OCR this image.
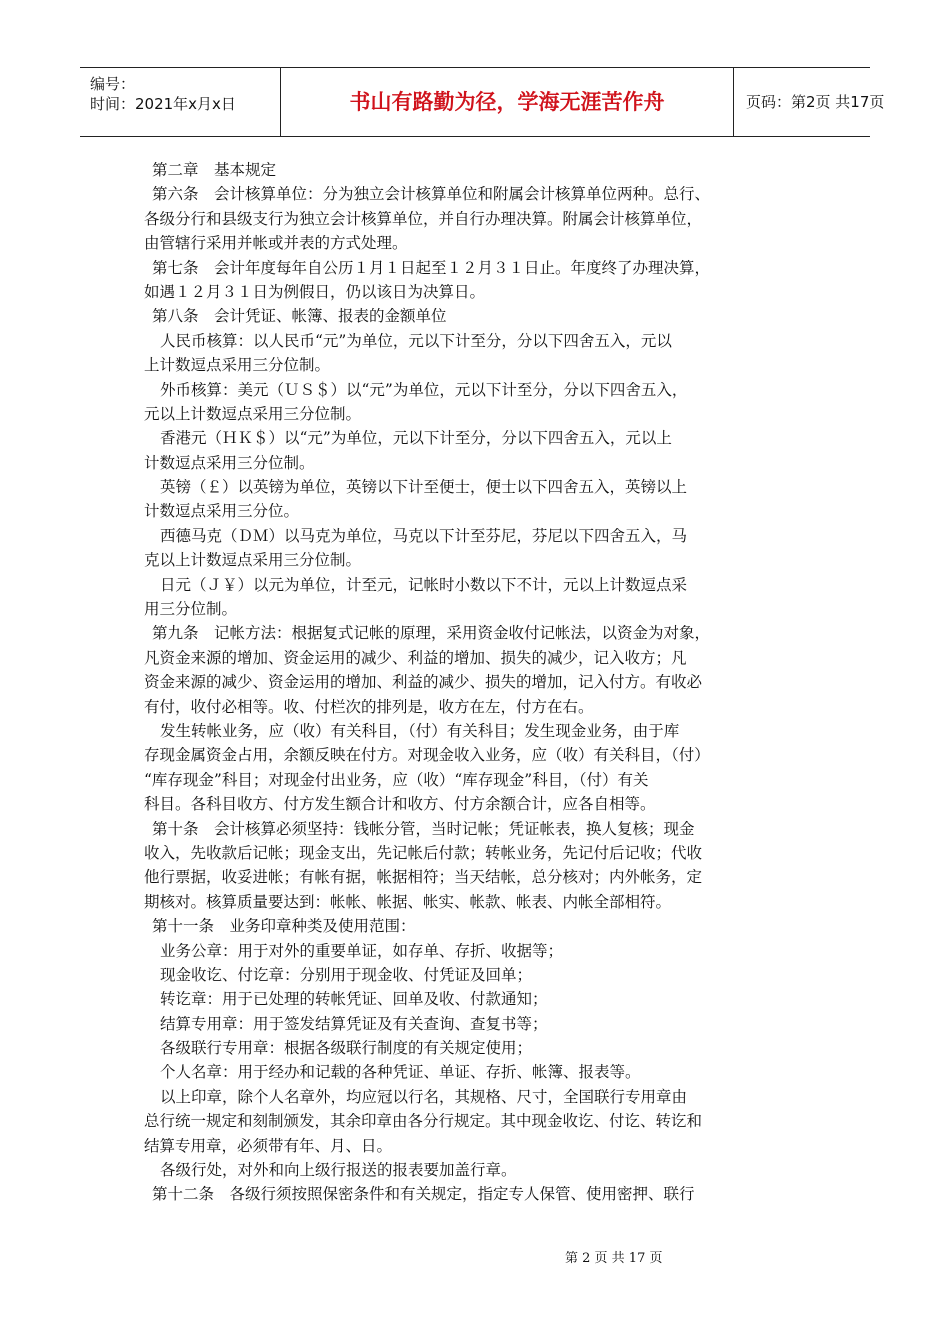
编号：
时间：2021年x月x日	书山有路勤为径，学海无涯苦作舟	页码：第2页 共17页
第二章　基本规定
第六条　会计核算单位：分为独立会计核算单位和附属会计核算单位两种。总行、
各级分行和县级支行为独立会计核算单位，并自行办理决算。附属会计核算单位，
由管辖行采用并帐或并表的方式处理。
第七条　会计年度每年自公历１月１日起至１２月３１日止。年度终了办理决算，
如遇１２月３１日为例假日，仍以该日为决算日。
第八条　会计凭证、帐簿、报表的金额单位
人民币核算：以人民币“元”为单位，元以下计至分，分以下四舍五入，元以
上计数逗点采用三分位制。
外币核算：美元（ＵＳ＄）以“元”为单位，元以下计至分，分以下四舍五入，
元以上计数逗点采用三分位制。
香港元（ＨＫ＄）以“元”为单位，元以下计至分，分以下四舍五入，元以上
计数逗点采用三分位制。
英镑（￡）以英镑为单位，英镑以下计至便士，便士以下四舍五入，英镑以上
计数逗点采用三分位。
西德马克（ＤＭ）以马克为单位，马克以下计至芬尼，芬尼以下四舍五入，马
克以上计数逗点采用三分位制。
日元（Ｊ￥）以元为单位，计至元，记帐时小数以下不计，元以上计数逗点采
用三分位制。
第九条　记帐方法：根据复式记帐的原理，采用资金收付记帐法，以资金为对象，
凡资金来源的增加、资金运用的减少、利益的增加、损失的减少，记入收方；凡
资金来源的减少、资金运用的增加、利益的减少、损失的增加，记入付方。有收必
有付，收付必相等。收、付栏次的排列是，收方在左，付方在右。
发生转帐业务，应（收）有关科目，（付）有关科目；发生现金业务，由于库
存现金属资金占用，余额反映在付方。对现金收入业务，应（收）有关科目，（付）
“库存现金”科目；对现金付出业务，应（收）“库存现金”科目，（付）有关
科目。各科目收方、付方发生额合计和收方、付方余额合计，应各自相等。
第十条　会计核算必须坚持：钱帐分管，当时记帐；凭证帐表，换人复核；现金
收入，先收款后记帐；现金支出，先记帐后付款；转帐业务，先记付后记收；代收
他行票据，收妥进帐；有帐有据，帐据相符；当天结帐，总分核对；内外帐务，定
期核对。核算质量要达到：帐帐、帐据、帐实、帐款、帐表、内帐全部相符。
第十一条　业务印章种类及使用范围：
业务公章：用于对外的重要单证，如存单、存折、收据等；
现金收讫、付讫章：分别用于现金收、付凭证及回单；
转讫章：用于已处理的转帐凭证、回单及收、付款通知；
结算专用章：用于签发结算凭证及有关查询、查复书等；
各级联行专用章：根据各级联行制度的有关规定使用；
个人名章：用于经办和记载的各种凭证、单证、存折、帐簿、报表等。
以上印章，除个人名章外，均应冠以行名，其规格、尺寸，全国联行专用章由
总行统一规定和刻制颁发，其余印章由各分行规定。其中现金收讫、付讫、转讫和
结算专用章，必须带有年、月、日。
各级行处，对外和向上级行报送的报表要加盖行章。
第十二条　各级行须按照保密条件和有关规定，指定专人保管、使用密押、联行
第 2 页 共 17 页
